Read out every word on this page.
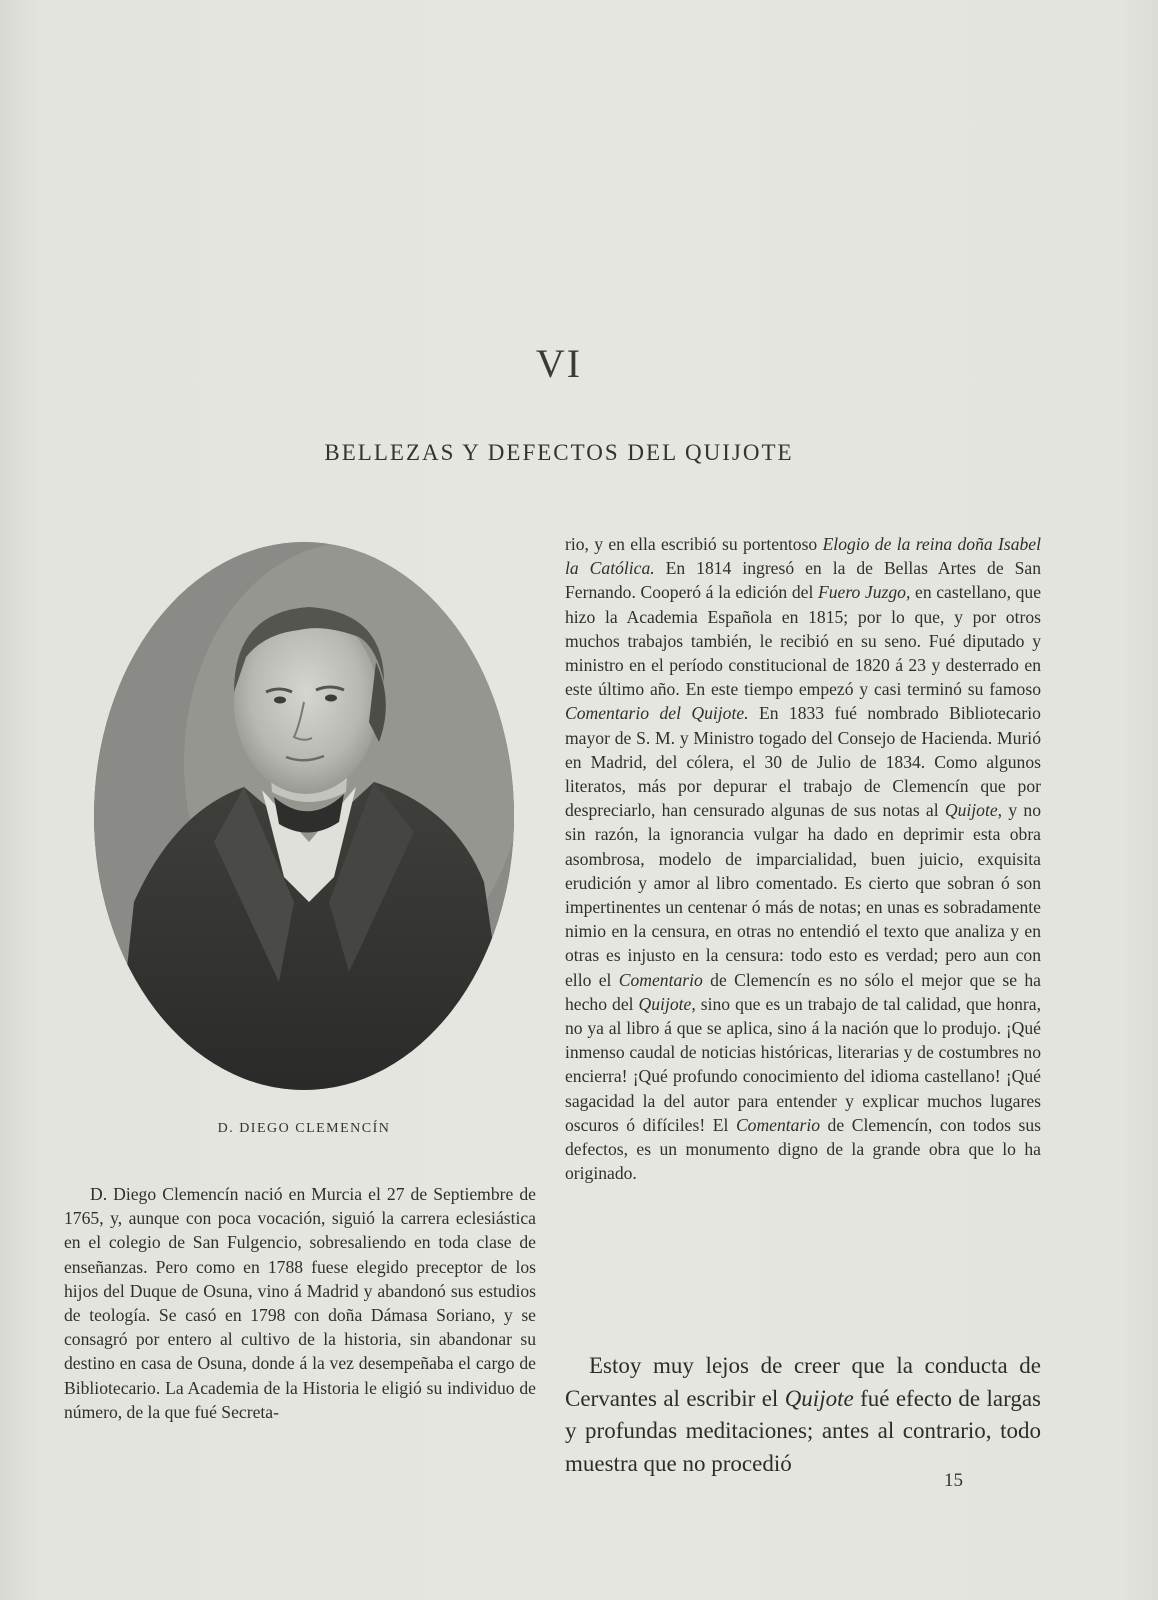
VI
BELLEZAS Y DEFECTOS DEL QUIJOTE
D. DIEGO CLEMENCÍN

D. Diego Clemencín nació en Murcia el 27 de Septiembre de 1765, y, aunque con poca vocación, siguió la carrera eclesiástica en el colegio de San Fulgencio, sobresaliendo en toda clase de enseñanzas. Pero como en 1788 fuese elegido preceptor de los hijos del Duque de Osuna, vino á Madrid y abandonó sus estudios de teología. Se casó en 1798 con doña Dámasa Soriano, y se consagró por entero al cultivo de la historia, sin abandonar su destino en casa de Osuna, donde á la vez desempeñaba el cargo de Bibliotecario. La Academia de la Historia le eligió su individuo de número, de la que fué Secreta-

rio, y en ella escribió su portentoso Elogio de la reina doña Isabel la Católica. En 1814 ingresó en la de Bellas Artes de San Fernando. Cooperó á la edición del Fuero Juzgo, en castellano, que hizo la Academia Española en 1815; por lo que, y por otros muchos trabajos también, le recibió en su seno. Fué diputado y ministro en el período constitucional de 1820 á 23 y desterrado en este último año. En este tiempo empezó y casi terminó su famoso Comentario del Quijote. En 1833 fué nombrado Bibliotecario mayor de S. M. y Ministro togado del Consejo de Hacienda. Murió en Madrid, del cólera, el 30 de Julio de 1834. Como algunos literatos, más por depurar el trabajo de Clemencín que por despreciarlo, han censurado algunas de sus notas al Quijote, y no sin razón, la ignorancia vulgar ha dado en deprimir esta obra asombrosa, modelo de imparcialidad, buen juicio, exquisita erudición y amor al libro comentado. Es cierto que sobran ó son impertinentes un centenar ó más de notas; en unas es sobradamente nimio en la censura, en otras no entendió el texto que analiza y en otras es injusto en la censura: todo esto es verdad; pero aun con ello el Comentario de Clemencín es no sólo el mejor que se ha hecho del Quijote, sino que es un trabajo de tal calidad, que honra, no ya al libro á que se aplica, sino á la nación que lo produjo. ¡Qué inmenso caudal de noticias históricas, literarias y de costumbres no encierra! ¡Qué profundo conocimiento del idioma castellano! ¡Qué sagacidad la del autor para entender y explicar muchos lugares oscuros ó difíciles! El Comentario de Clemencín, con todos sus defectos, es un monumento digno de la grande obra que lo ha originado.

Estoy muy lejos de creer que la conducta de Cervantes al escribir el Quijote fué efecto de largas y profundas meditaciones; antes al contrario, todo muestra que no procedió
15
